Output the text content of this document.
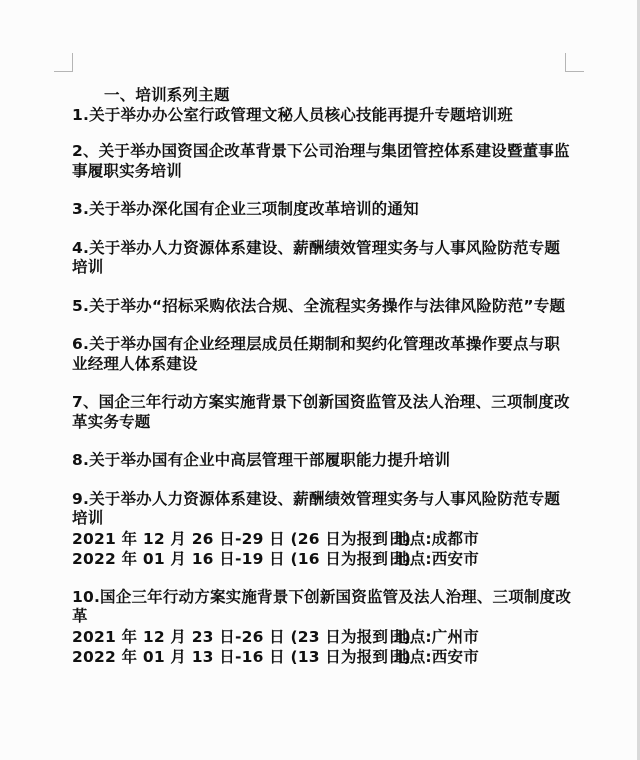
一、培训系列主题

1.关于举办办公室行政管理文秘人员核心技能再提升专题培训班

2、关于举办国资国企改革背景下公司治理与集团管控体系建设暨董事监事履职实务培训

3.关于举办深化国有企业三项制度改革培训的通知

4.关于举办人力资源体系建设、薪酬绩效管理实务与人事风险防范专题培训

5.关于举办“招标采购依法合规、全流程实务操作与法律风险防范”专题

6.关于举办国有企业经理层成员任期制和契约化管理改革操作要点与职业经理人体系建设

7、国企三年行动方案实施背景下创新国资监管及法人治理、三项制度改革实务专题

8.关于举办国有企业中高层管理干部履职能力提升培训

9.关于举办人力资源体系建设、薪酬绩效管理实务与人事风险防范专题培训

2021 年 12 月 26 日-29 日 (26 日为报到日)
地点:成都市
2022 年 01 月 16 日-19 日 (16 日为报到日)
地点:西安市

10.国企三年行动方案实施背景下创新国资监管及法人治理、三项制度改革

2021 年 12 月 23 日-26 日 (23 日为报到日)
地点:广州市
2022 年 01 月 13 日-16 日 (13 日为报到日)
地点:西安市
